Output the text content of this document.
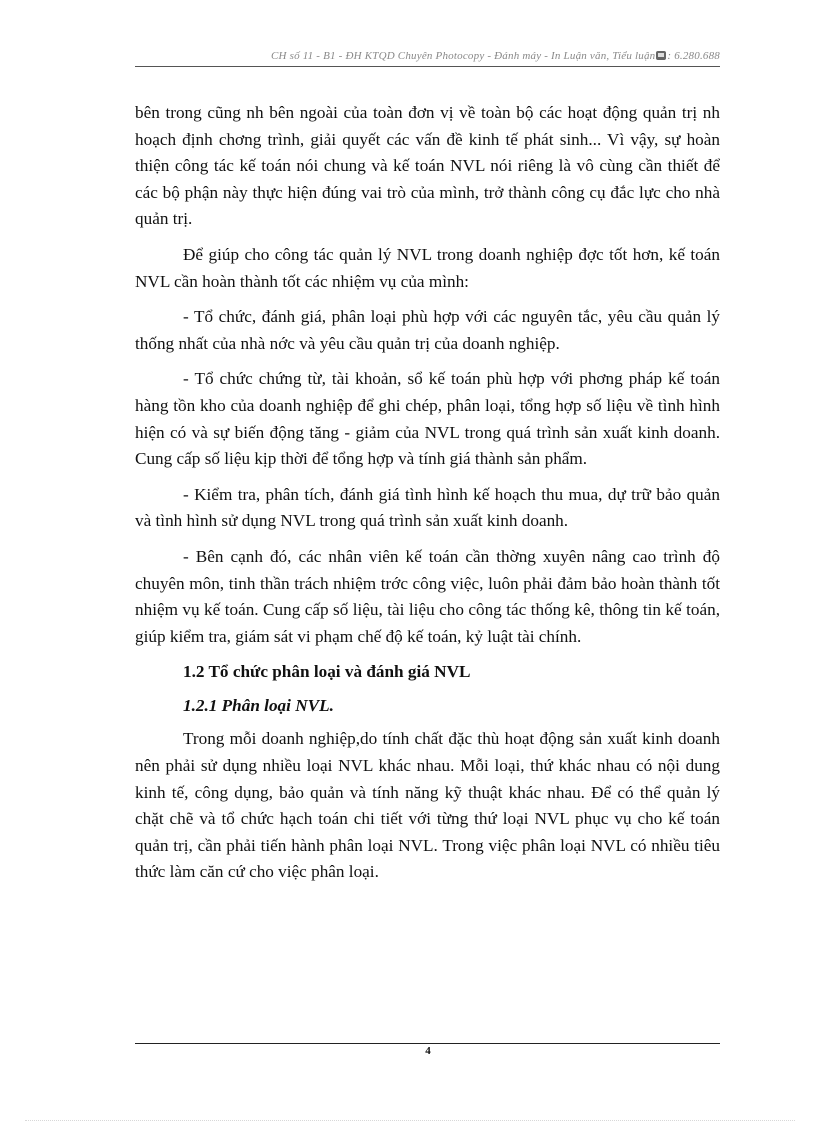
CH số 11 - B1 - ĐH KTQD Chuyên Photocopy - Đánh máy - In Luận văn, Tiểu luận : 6.280.688

bên trong cũng nh bên ngoài của toàn đơn vị về toàn bộ các hoạt động quản trị nh hoạch định chơng trình, giải quyết các vấn đề kinh tế phát sinh... Vì vậy, sự hoàn thiện công tác kế toán nói chung và kế toán NVL nói riêng là vô cùng cần thiết để các bộ phận này thực hiện đúng vai trò của mình, trở thành công cụ đắc lực cho nhà quản trị.

Để giúp cho công tác quản lý NVL trong doanh nghiệp đợc tốt hơn, kế toán NVL cần hoàn thành tốt các nhiệm vụ của mình:

- Tổ chức, đánh giá, phân loại phù hợp với các nguyên tắc, yêu cầu quản lý thống nhất của nhà nớc và yêu cầu quản trị của doanh nghiệp.

- Tổ chức chứng từ, tài khoản, sổ kế toán phù hợp với phơng pháp kế toán hàng tồn kho của doanh nghiệp để ghi chép, phân loại, tổng hợp số liệu về tình hình hiện có và sự biến động tăng - giảm của NVL trong quá trình sản xuất kinh doanh. Cung cấp số liệu kịp thời để tổng hợp và tính giá thành sản phẩm.

- Kiểm tra, phân tích, đánh giá tình hình kế hoạch thu mua, dự trữ bảo quản và tình hình sử dụng NVL trong quá trình sản xuất kinh doanh.

- Bên cạnh đó, các nhân viên kế toán cần thờng xuyên nâng cao trình độ chuyên môn, tinh thần trách nhiệm trớc công việc, luôn phải đảm bảo hoàn thành tốt nhiệm vụ kế toán. Cung cấp số liệu, tài liệu cho công tác thống kê, thông tin kế toán, giúp kiểm tra, giám sát vi phạm chế độ kế toán, kỷ luật tài chính.

1.2 Tổ chức phân loại và đánh giá NVL

1.2.1 Phân loại NVL.

Trong mỗi doanh nghiệp,do tính chất đặc thù hoạt động sản xuất kinh doanh nên phải sử dụng nhiều loại NVL khác nhau. Mỗi loại, thứ khác nhau có nội dung kinh tế, công dụng, bảo quản và tính năng kỹ thuật khác nhau. Để có thể quản lý chặt chẽ và tổ chức hạch toán chi tiết với từng thứ loại NVL phục vụ cho kế toán quản trị, cần phải tiến hành phân loại NVL. Trong việc phân loại NVL có nhiều tiêu thức làm căn cứ cho việc phân loại.

4
